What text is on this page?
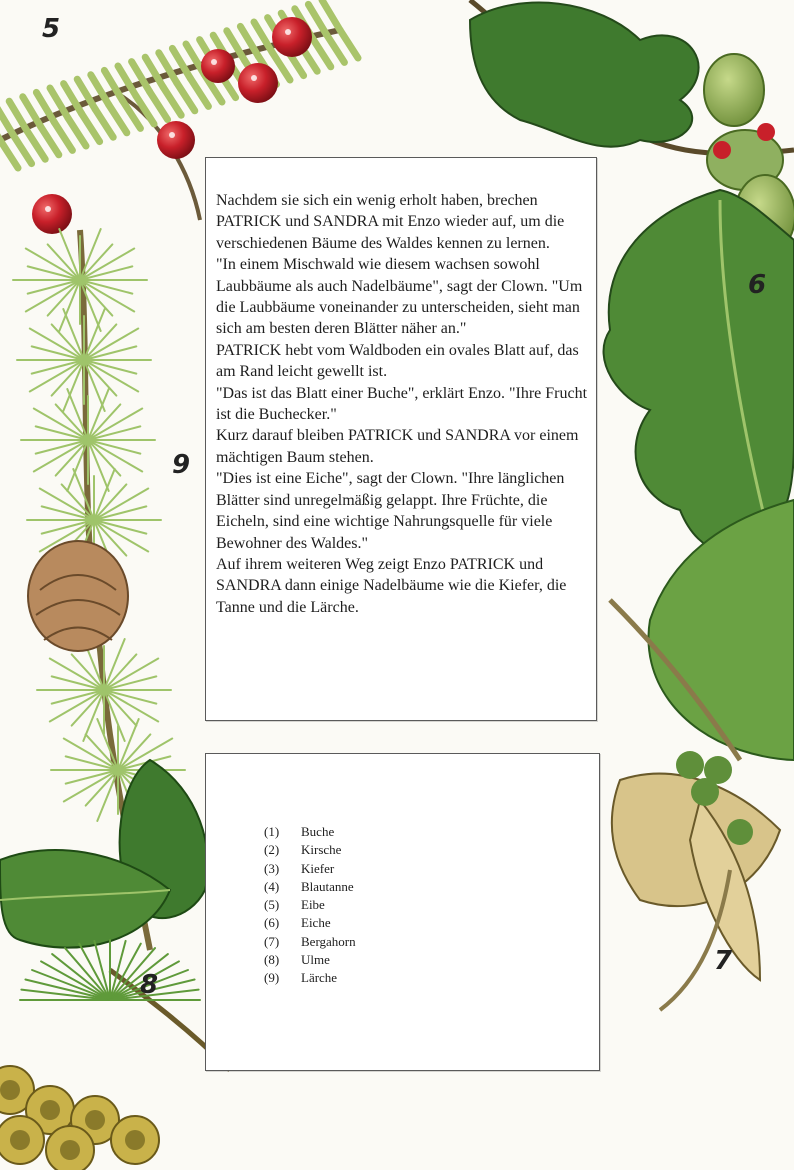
5
6
9
7
8

Nachdem sie sich ein wenig erholt haben, brechen PATRICK und SANDRA mit Enzo wieder auf, um die verschiedenen Bäume des Waldes kennen zu lernen.

"In einem Mischwald wie diesem wachsen sowohl Laubbäume als auch Nadelbäume", sagt der Clown. "Um die Laubbäume voneinander zu unterscheiden, sieht man sich am besten deren Blätter näher an."

PATRICK hebt vom Waldboden ein ovales Blatt auf, das am Rand leicht gewellt ist.

"Das ist das Blatt einer Buche", erklärt Enzo. "Ihre Frucht ist die Buchecker."

Kurz darauf bleiben PATRICK und SANDRA vor einem mächtigen Baum stehen.

"Dies ist eine Eiche", sagt der Clown. "Ihre länglichen Blätter sind unregelmäßig gelappt. Ihre Früchte, die Eicheln, sind eine wichtige Nahrungsquelle für viele Bewohner des Waldes."

Auf ihrem weiteren Weg zeigt Enzo PATRICK und SANDRA dann einige Nadelbäume wie die Kiefer, die Tanne und die Lärche.

(1)	Buche
(2)	Kirsche
(3)	Kiefer
(4)	Blautanne
(5)	Eibe
(6)	Eiche
(7)	Bergahorn
(8)	Ulme
(9)	Lärche
